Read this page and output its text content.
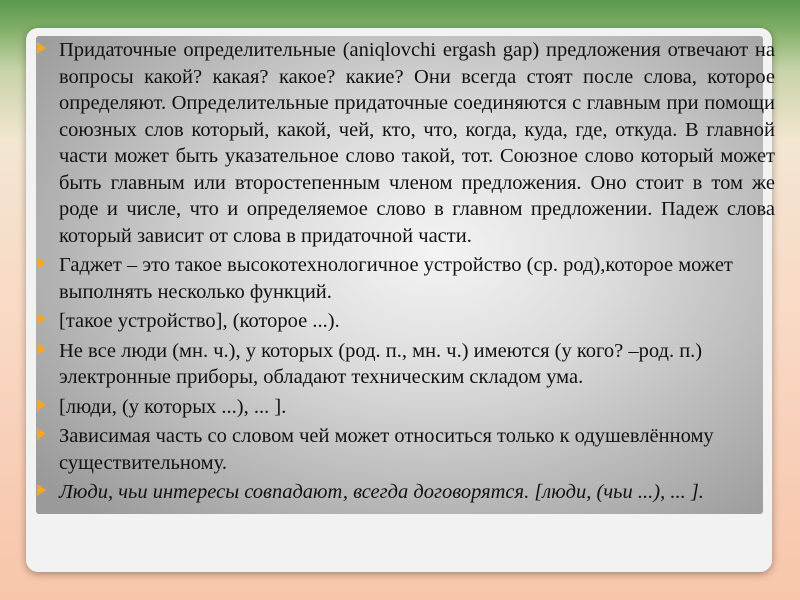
Придаточные определительные (aniqlovchi ergash gap) предложения отвечают на вопросы какой? какая? какое? какие? Они всегда стоят после слова, которое определяют. Определительные придаточные соединяются с главным при помощи союзных слов который, какой, чей, кто, что, когда, куда, где, откуда. В главной части может быть указательное слово такой, тот. Союзное слово который может быть главным или второстепенным членом предложения. Оно стоит в том же роде и числе, что и определяемое слово в главном предложении. Падеж слова который зависит от слова в придаточной части.

Гаджет – это такое высокотехнологичное устройство (ср. род),которое может выполнять несколько функций.

[такое устройство], (которое ...).

Не все люди (мн. ч.), у которых (род. п., мн. ч.) имеются (у кого? –род. п.) электронные приборы, обладают техническим складом ума.

[люди, (у которых ...), ... ].

Зависимая часть со словом чей может относиться только к одушевлённому существительному.

Люди, чьи интересы совпадают, всегда договорятся. [люди, (чьи ...), ... ].
